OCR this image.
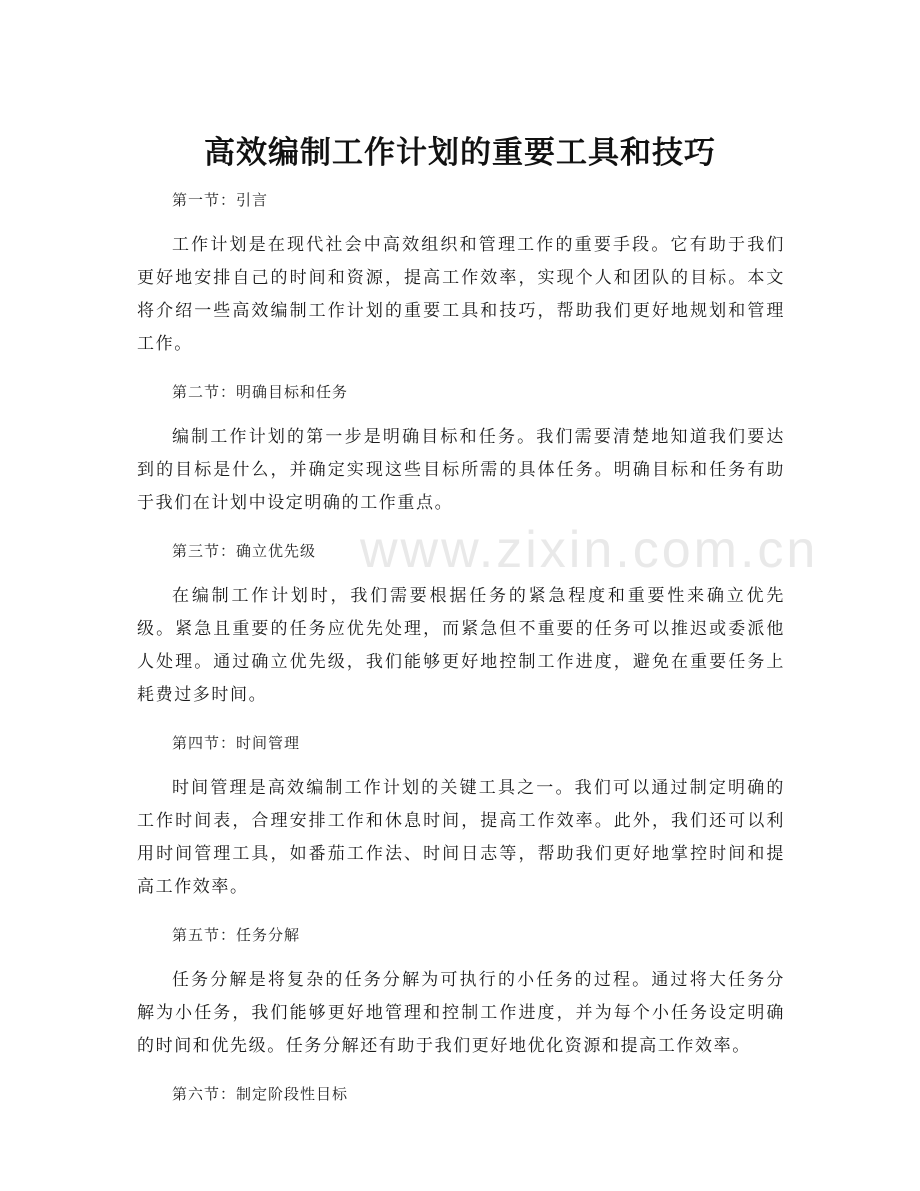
www.zixin.com.cn
高效编制工作计划的重要工具和技巧

第一节：引言

工作计划是在现代社会中高效组织和管理工作的重要手段。它有助于我们更好地安排自己的时间和资源，提高工作效率，实现个人和团队的目标。本文将介绍一些高效编制工作计划的重要工具和技巧，帮助我们更好地规划和管理工作。

第二节：明确目标和任务

编制工作计划的第一步是明确目标和任务。我们需要清楚地知道我们要达到的目标是什么，并确定实现这些目标所需的具体任务。明确目标和任务有助于我们在计划中设定明确的工作重点。

第三节：确立优先级

在编制工作计划时，我们需要根据任务的紧急程度和重要性来确立优先级。紧急且重要的任务应优先处理，而紧急但不重要的任务可以推迟或委派他人处理。通过确立优先级，我们能够更好地控制工作进度，避免在重要任务上耗费过多时间。

第四节：时间管理

时间管理是高效编制工作计划的关键工具之一。我们可以通过制定明确的工作时间表，合理安排工作和休息时间，提高工作效率。此外，我们还可以利用时间管理工具，如番茄工作法、时间日志等，帮助我们更好地掌控时间和提高工作效率。

第五节：任务分解

任务分解是将复杂的任务分解为可执行的小任务的过程。通过将大任务分解为小任务，我们能够更好地管理和控制工作进度，并为每个小任务设定明确的时间和优先级。任务分解还有助于我们更好地优化资源和提高工作效率。

第六节：制定阶段性目标
